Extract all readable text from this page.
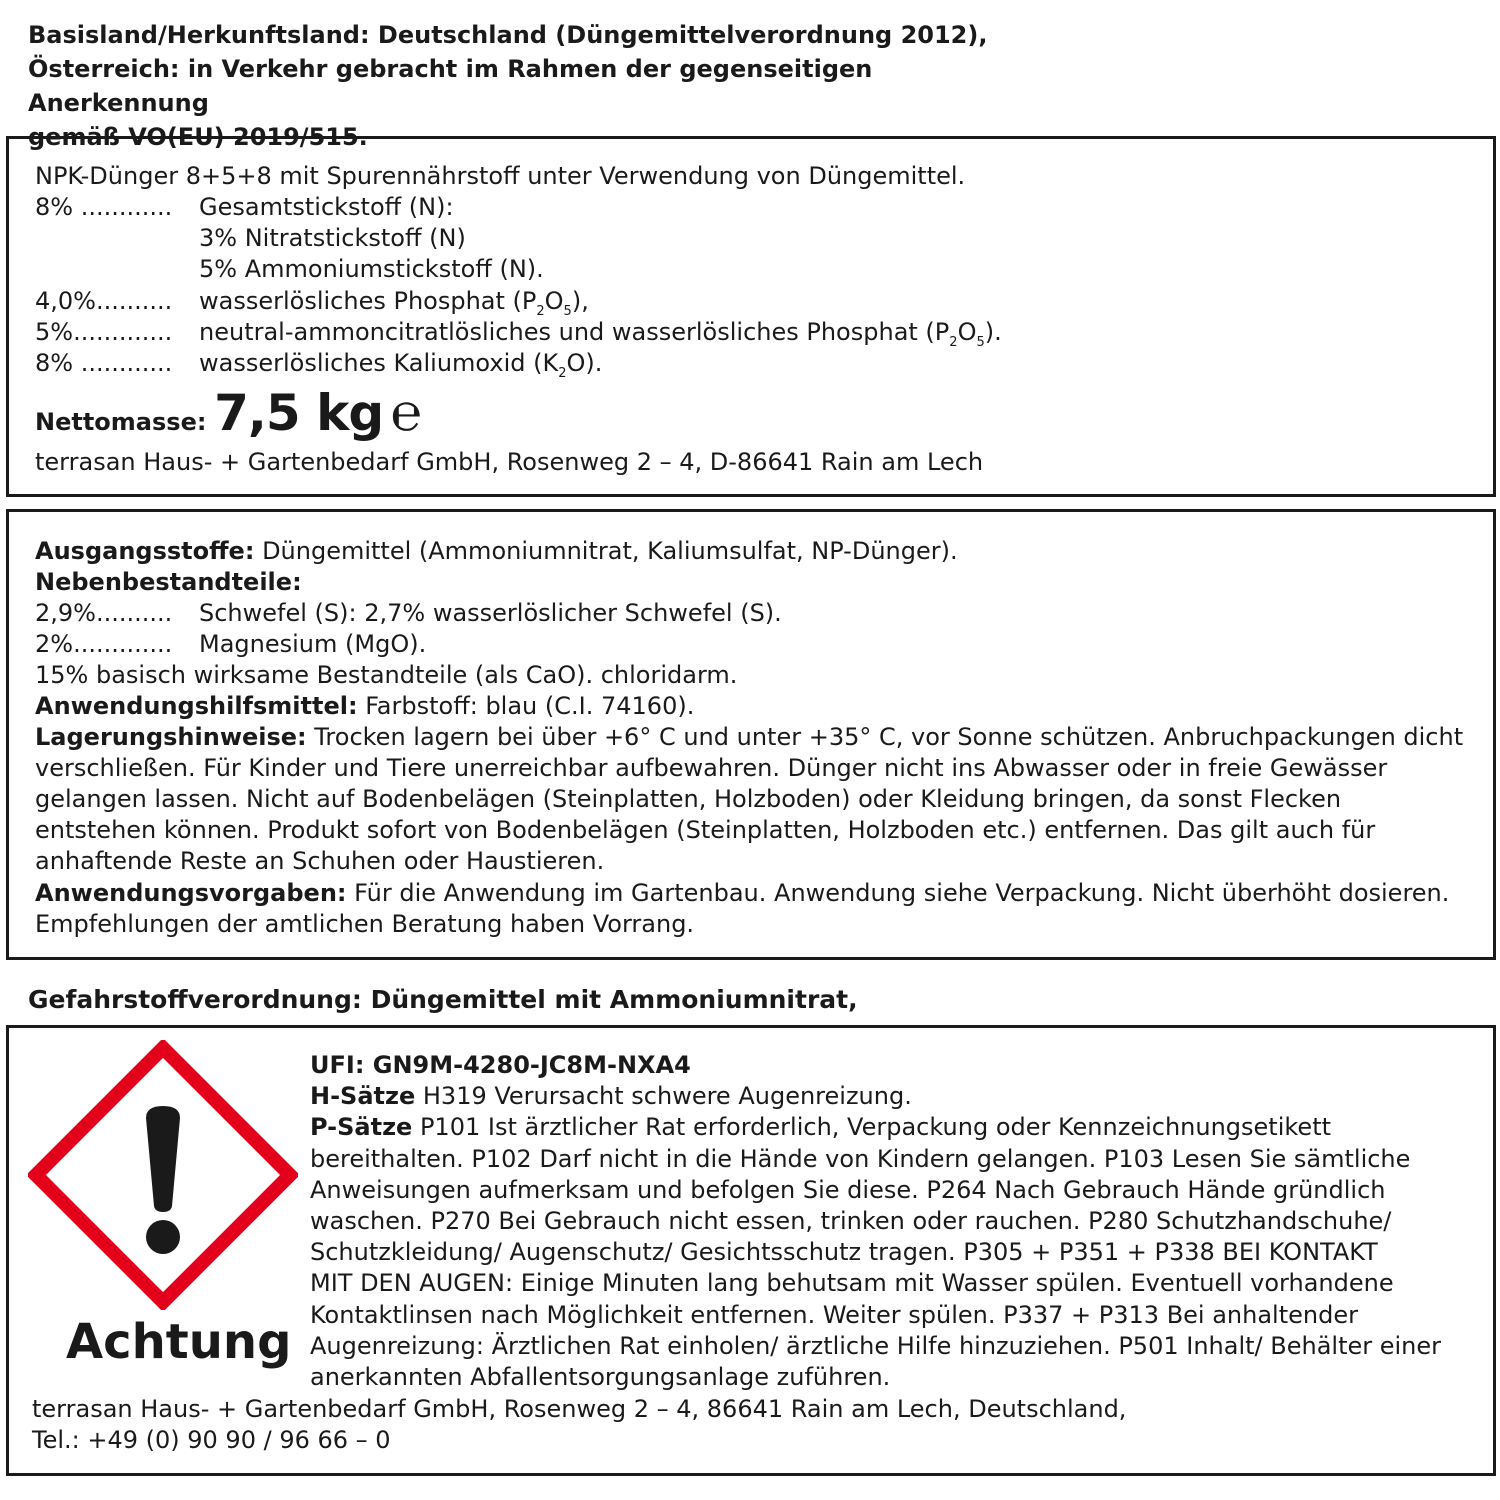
Basisland/Herkunftsland: Deutschland (Düngemittelverordnung 2012),
Österreich: in Verkehr gebracht im Rahmen der gegenseitigen Anerkennung
gemäß VO(EU) 2019/515.
NPK-Dünger 8+5+8 mit Spurennährstoff unter Verwendung von Düngemittel.
8% ............ Gesamtstickstoff (N):
3% Nitratstickstoff (N)
5% Ammoniumstickstoff (N).
4,0%.......... wasserlösliches Phosphat $(P_2O_5)$,
5%............. neutral-ammoncitratlösliches und wasserlösliches Phosphat $(P_2O_5)$.
8% ............ wasserlösliches Kaliumoxid $(K_2O)$.
Nettomasse: 7,5 kg ℮
terrasan Haus- + Gartenbedarf GmbH, Rosenweg 2 – 4, D-86641 Rain am Lech
Ausgangsstoffe: Düngemittel (Ammoniumnitrat, Kaliumsulfat, NP-Dünger).
Nebenbestandteile:
2,9%.......... Schwefel (S): 2,7% wasserlöslicher Schwefel (S).
2%............. Magnesium (MgO).
15% basisch wirksame Bestandteile (als CaO). chloridarm.
Anwendungshilfsmittel: Farbstoff: blau (C.I. 74160).
Lagerungshinweise: Trocken lagern bei über +6° C und unter +35° C, vor Sonne schützen. Anbruchpackungen dicht
verschließen. Für Kinder und Tiere unerreichbar aufbewahren. Dünger nicht ins Abwasser oder in freie Gewässer
gelangen lassen. Nicht auf Bodenbelägen (Steinplatten, Holzboden) oder Kleidung bringen, da sonst Flecken
entstehen können. Produkt sofort von Bodenbelägen (Steinplatten, Holzboden etc.) entfernen. Das gilt auch für
anhaftende Reste an Schuhen oder Haustieren.
Anwendungsvorgaben: Für die Anwendung im Gartenbau. Anwendung siehe Verpackung. Nicht überhöht dosieren.
Empfehlungen der amtlichen Beratung haben Vorrang.
Gefahrstoffverordnung: Düngemittel mit Ammoniumnitrat,
Achtung
UFI: GN9M-4280-JC8M-NXA4
H-Sätze H319 Verursacht schwere Augenreizung.
P-Sätze P101 Ist ärztlicher Rat erforderlich, Verpackung oder Kennzeichnungsetikett
bereithalten. P102 Darf nicht in die Hände von Kindern gelangen. P103 Lesen Sie sämtliche
Anweisungen aufmerksam und befolgen Sie diese. P264 Nach Gebrauch Hände gründlich
waschen. P270 Bei Gebrauch nicht essen, trinken oder rauchen. P280 Schutzhandschuhe/
Schutzkleidung/ Augenschutz/ Gesichtsschutz tragen. P305 + P351 + P338 BEI KONTAKT
MIT DEN AUGEN: Einige Minuten lang behutsam mit Wasser spülen. Eventuell vorhandene
Kontaktlinsen nach Möglichkeit entfernen. Weiter spülen. P337 + P313 Bei anhaltender
Augenreizung: Ärztlichen Rat einholen/ ärztliche Hilfe hinzuziehen. P501 Inhalt/ Behälter einer
anerkannten Abfallentsorgungsanlage zuführen.
terrasan Haus- + Gartenbedarf GmbH, Rosenweg 2 – 4, 86641 Rain am Lech, Deutschland,
Tel.: +49 (0) 90 90 / 96 66 – 0
